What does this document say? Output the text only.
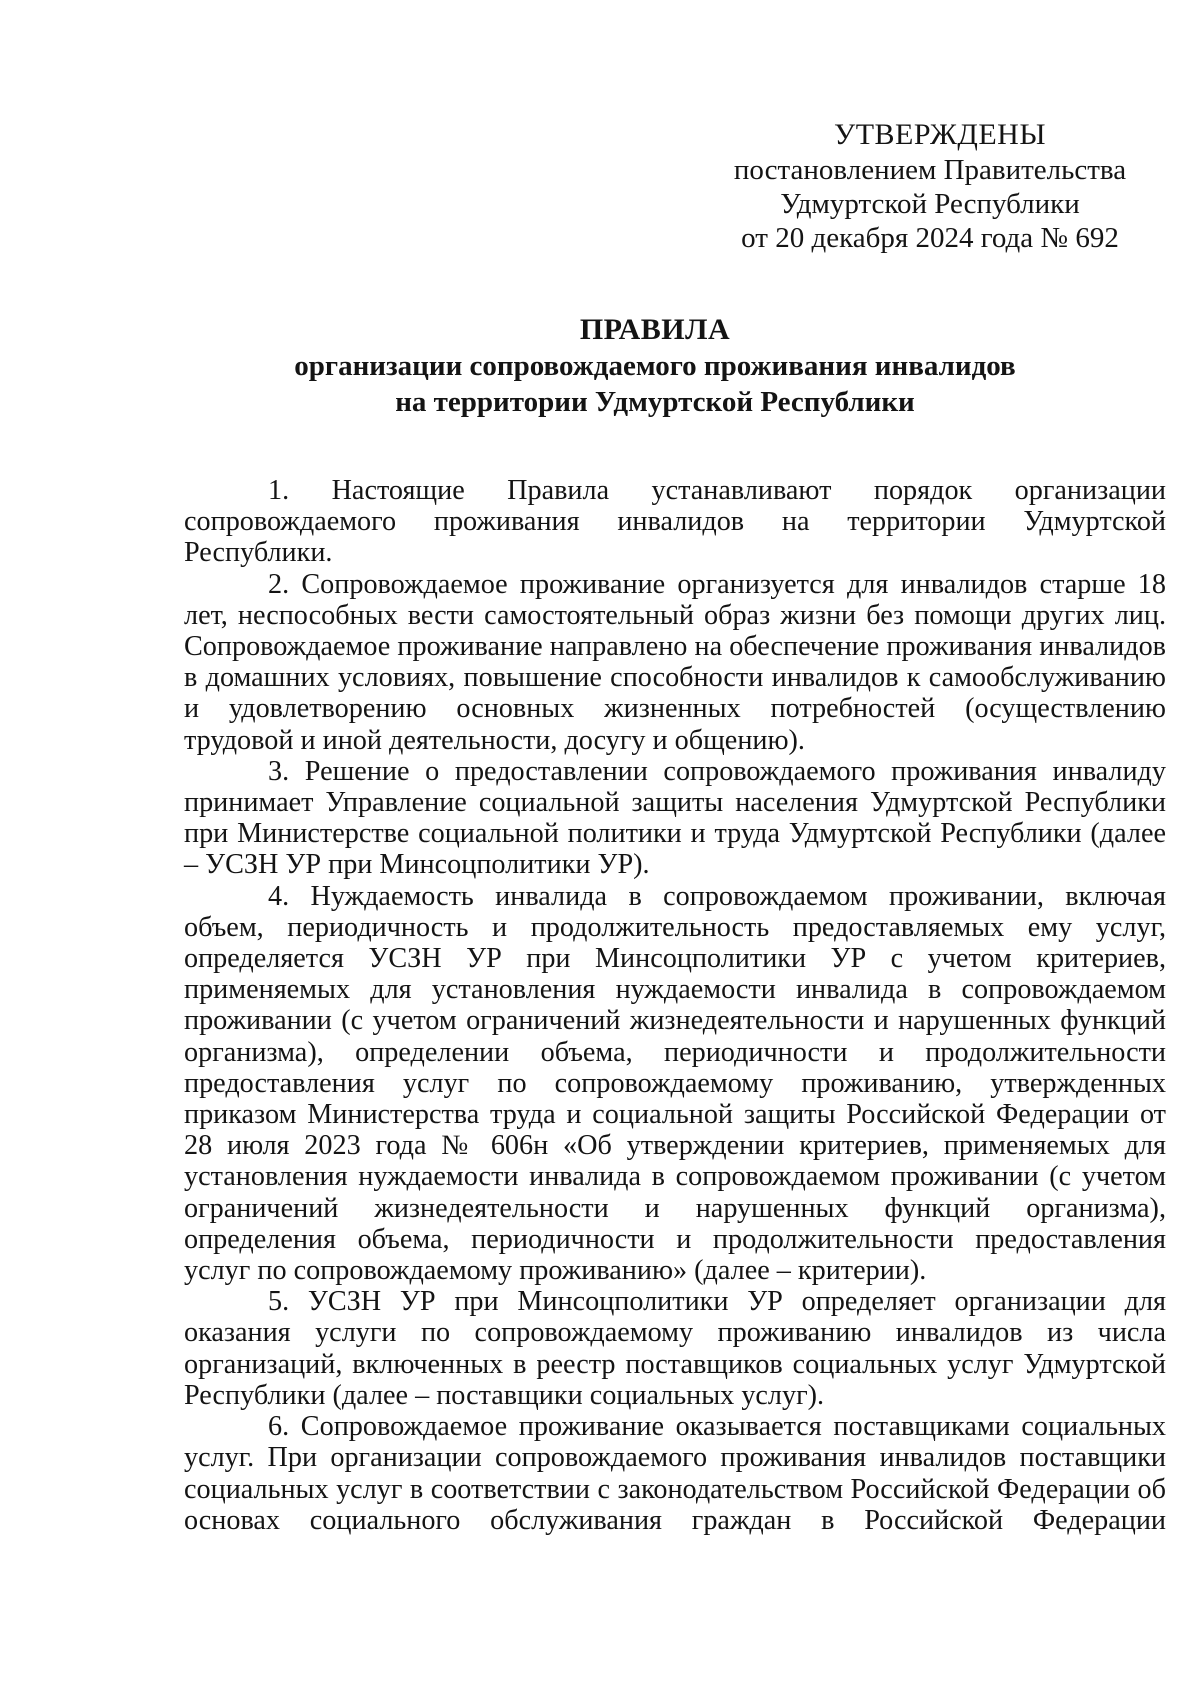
УТВЕРЖДЕНЫ
постановлением Правительства
Удмуртской Республики
от 20 декабря 2024 года № 692
ПРАВИЛА
организации сопровождаемого проживания инвалидов
на территории Удмуртской Республики

1. Настоящие Правила устанавливают порядок организации сопровождаемого проживания инвалидов на территории Удмуртской Республики.

2. Сопровождаемое проживание организуется для инвалидов старше 18 лет, неспособных вести самостоятельный образ жизни без помощи других лиц. Сопровождаемое проживание направлено на обеспечение проживания инвалидов в домашних условиях, повышение способности инвалидов к самообслуживанию и удовлетворению основных жизненных потребностей (осуществлению трудовой и иной деятельности, досугу и общению).

3. Решение о предоставлении сопровождаемого проживания инвалиду принимает Управление социальной защиты населения Удмуртской Республики при Министерстве социальной политики и труда Удмуртской Республики (далее – УСЗН УР при Минсоцполитики УР).

4. Нуждаемость инвалида в сопровождаемом проживании, включая объем, периодичность и продолжительность предоставляемых ему услуг, определяется УСЗН УР при Минсоцполитики УР с учетом критериев, применяемых для установления нуждаемости инвалида в сопровождаемом проживании (с учетом ограничений жизнедеятельности и нарушенных функций организма), определении объема, периодичности и продолжительности предоставления услуг по сопровождаемому проживанию, утвержденных приказом Министерства труда и социальной защиты Российской Федерации от 28 июля 2023 года № 606н «Об утверждении критериев, применяемых для установления нуждаемости инвалида в сопровождаемом проживании (с учетом ограничений жизнедеятельности и нарушенных функций организма), определения объема, периодичности и продолжительности предоставления услуг по сопровождаемому проживанию» (далее – критерии).

5. УСЗН УР при Минсоцполитики УР определяет организации для оказания услуги по сопровождаемому проживанию инвалидов из числа организаций, включенных в реестр поставщиков социальных услуг Удмуртской Республики (далее – поставщики социальных услуг).

6. Сопровождаемое проживание оказывается поставщиками социальных услуг. При организации сопровождаемого проживания инвалидов поставщики социальных услуг в соответствии с законодательством Российской Федерации об основах социального обслуживания граждан в Российской Федерации
